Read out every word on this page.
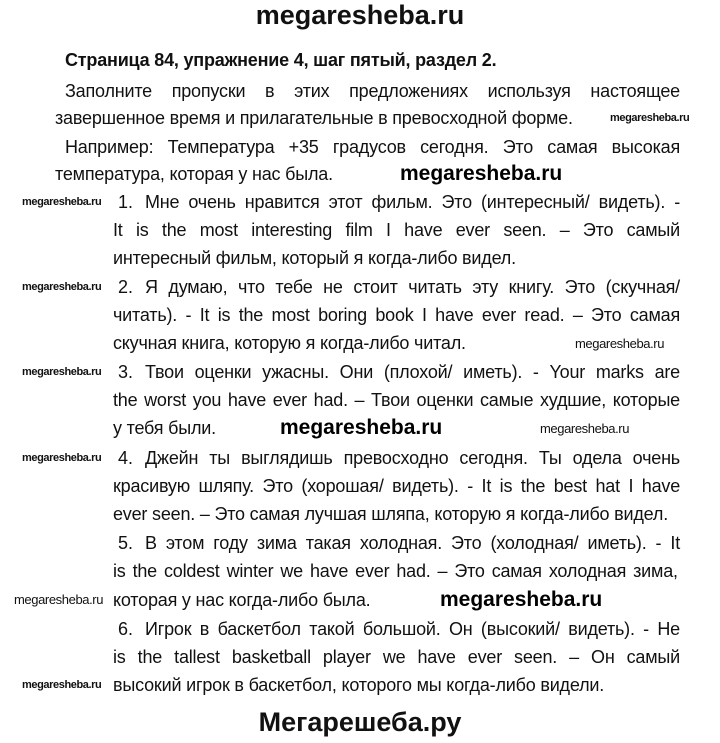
megaresheba.ru
Страница 84, упражнение 4, шаг пятый, раздел 2.
Заполните пропуски в этих предложениях используя настоящее
завершенное время и прилагательные в превосходной форме.
Например: Температура +35 градусов сегодня. Это самая высокая
температура, которая у нас была.
1. Мне очень нравится этот фильм. Это (интересный/ видеть). -
It is the most interesting film I have ever seen. – Это самый
интересный фильм, который я когда-либо видел.
2. Я думаю, что тебе не стоит читать эту книгу. Это (скучная/
читать). - It is the most boring book I have ever read. – Это самая
скучная книга, которую я когда-либо читал.
3. Твои оценки ужасны. Они (плохой/ иметь). - Your marks are
the worst you have ever had. – Твои оценки самые худшие, которые
у тебя были.
4. Джейн ты выглядишь превосходно сегодня. Ты одела очень
красивую шляпу. Это (хорошая/ видеть). - It is the best hat I have
ever seen. – Это самая лучшая шляпа, которую я когда-либо видел.
5. В этом году зима такая холодная. Это (холодная/ иметь). - It
is the coldest winter we have ever had. – Это самая холодная зима,
которая у нас когда-либо была.
6. Игрок в баскетбол такой большой. Он (высокий/ видеть). - He
is the tallest basketball player we have ever seen. – Он самый
высокий игрок в баскетбол, которого мы когда-либо видели.
megaresheba.ru
megaresheba.ru
megaresheba.ru
megaresheba.ru
megaresheba.ru
megaresheba.ru
megaresheba.ru	megaresheba.ru
megaresheba.ru
megaresheba.ru	megaresheba.ru
megaresheba.ru
Мегарешеба.ру
